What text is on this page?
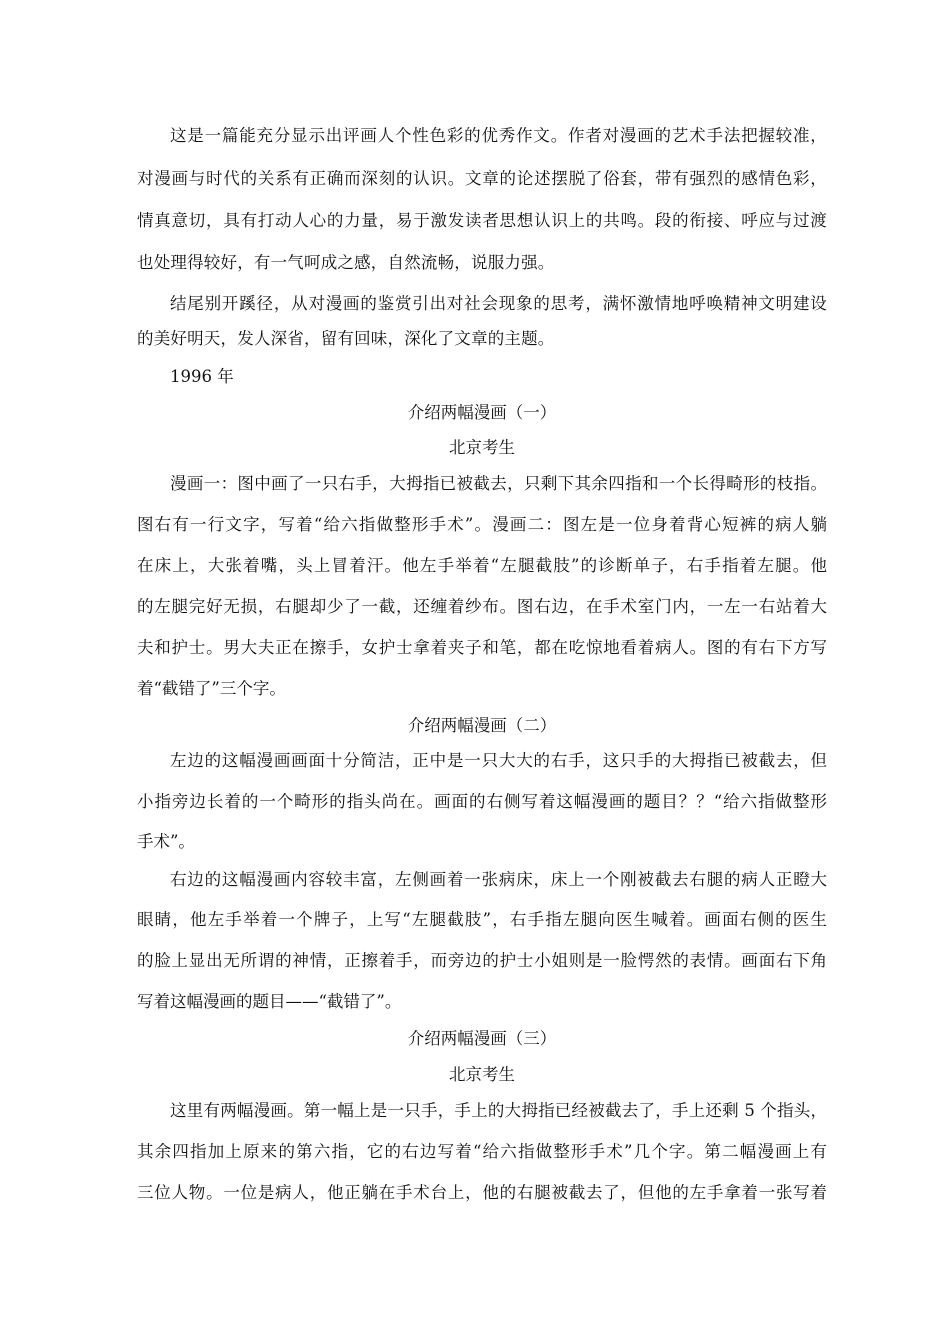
这是一篇能充分显示出评画人个性色彩的优秀作文。作者对漫画的艺术手法把握较准，
对漫画与时代的关系有正确而深刻的认识。文章的论述摆脱了俗套，带有强烈的感情色彩，
情真意切，具有打动人心的力量，易于激发读者思想认识上的共鸣。段的衔接、呼应与过渡
也处理得较好，有一气呵成之感，自然流畅，说服力强。
结尾别开蹊径，从对漫画的鉴赏引出对社会现象的思考，满怀激情地呼唤精神文明建设
的美好明天，发人深省，留有回味，深化了文章的主题。
1996 年
介绍两幅漫画（一）
北京考生
漫画一：图中画了一只右手，大拇指已被截去，只剩下其余四指和一个长得畸形的枝指。
图右有一行文字，写着“给六指做整形手术”。漫画二：图左是一位身着背心短裤的病人躺
在床上，大张着嘴，头上冒着汗。他左手举着“左腿截肢”的诊断单子，右手指着左腿。他
的左腿完好无损，右腿却少了一截，还缠着纱布。图右边，在手术室门内，一左一右站着大
夫和护士。男大夫正在擦手，女护士拿着夹子和笔，都在吃惊地看着病人。图的有右下方写
着“截错了”三个字。
介绍两幅漫画（二）
左边的这幅漫画画面十分简洁，正中是一只大大的右手，这只手的大拇指已被截去，但
小指旁边长着的一个畸形的指头尚在。画面的右侧写着这幅漫画的题目？？“给六指做整形
手术”。
右边的这幅漫画内容较丰富，左侧画着一张病床，床上一个刚被截去右腿的病人正瞪大
眼睛，他左手举着一个牌子，上写“左腿截肢”，右手指左腿向医生喊着。画面右侧的医生
的脸上显出无所谓的神情，正擦着手，而旁边的护士小姐则是一脸愕然的表情。画面右下角
写着这幅漫画的题目——“截错了”。
介绍两幅漫画（三）
北京考生
这里有两幅漫画。第一幅上是一只手，手上的大拇指已经被截去了，手上还剩 5 个指头，
其余四指加上原来的第六指，它的右边写着“给六指做整形手术”几个字。第二幅漫画上有
三位人物。一位是病人，他正躺在手术台上，他的右腿被截去了，但他的左手拿着一张写着
